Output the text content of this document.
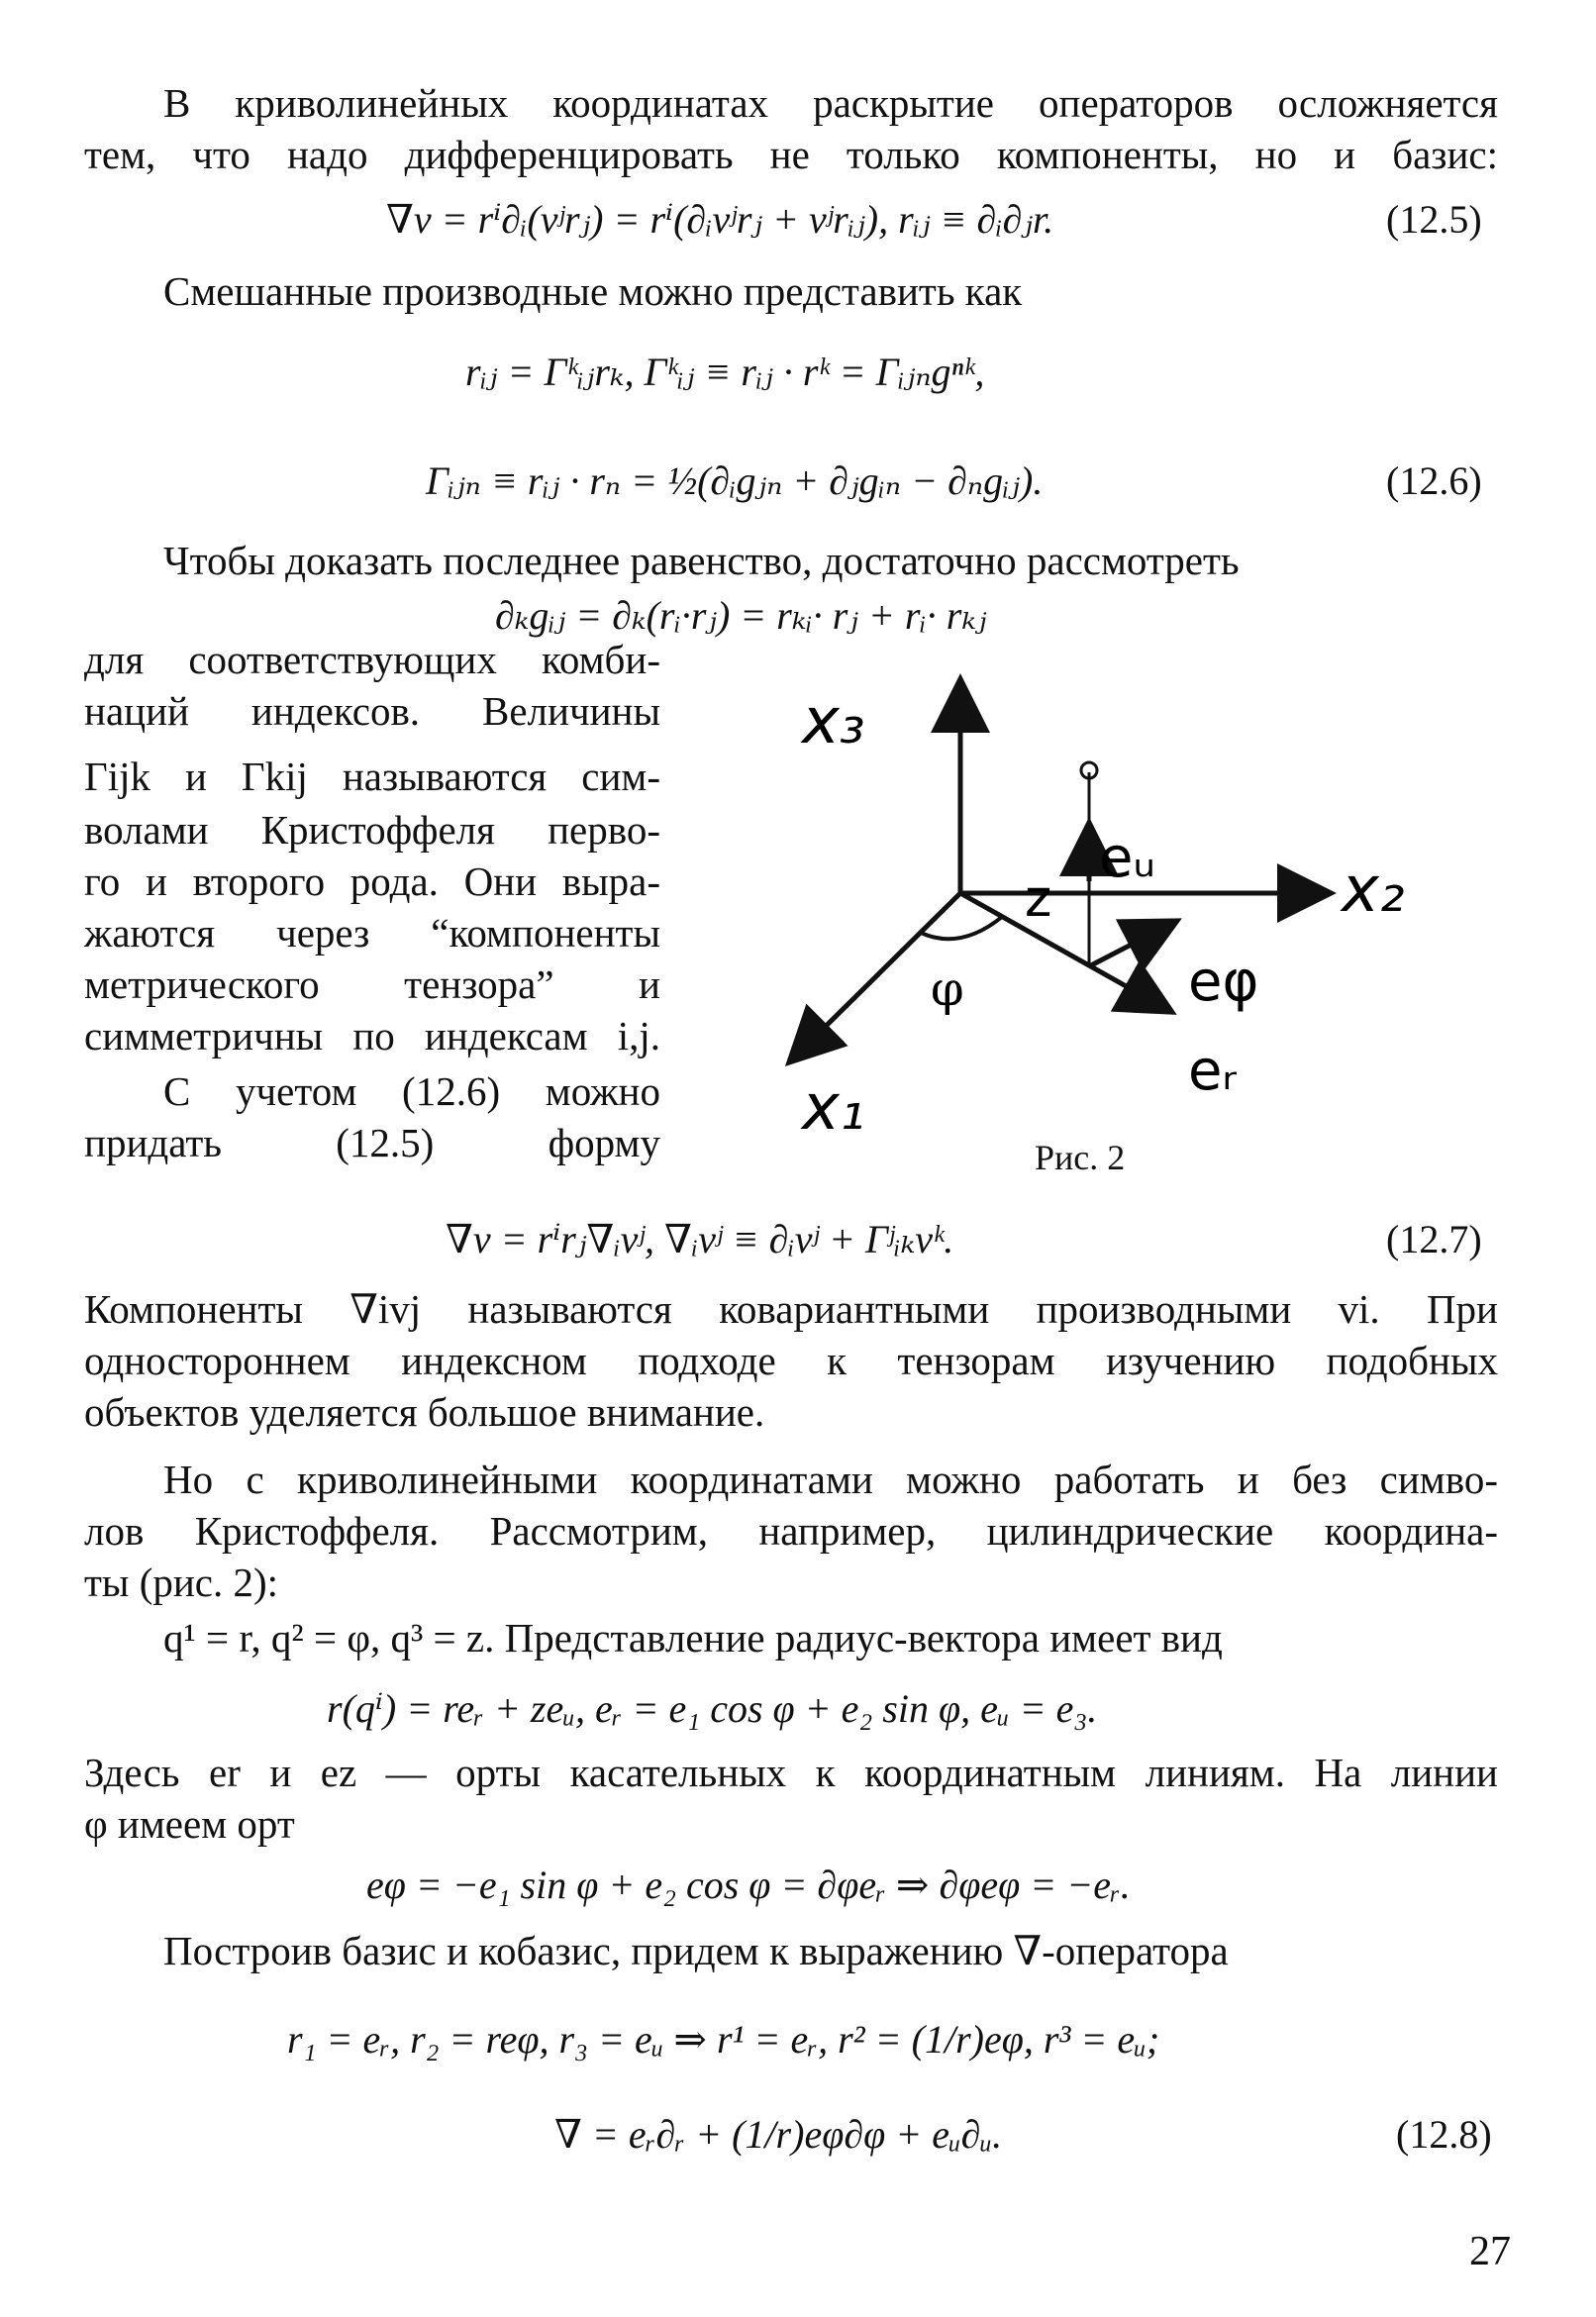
В криволинейных координатах раскрытие операторов осложняется
тем, что надо дифференцировать не только компоненты, но и базис:
∇v = rⁱ∂ᵢ(vʲrⱼ) = rⁱ(∂ᵢvʲrⱼ + vʲrᵢⱼ), rᵢⱼ ≡ ∂ᵢ∂ⱼr.	(12.5)
Смешанные производные можно представить как
rᵢⱼ = Γᵏᵢⱼrₖ, Γᵏᵢⱼ ≡ rᵢⱼ · rᵏ = Γᵢⱼₙgⁿᵏ,
Γᵢⱼₙ ≡ rᵢⱼ · rₙ = ½(∂ᵢgⱼₙ + ∂ⱼgᵢₙ − ∂ₙgᵢⱼ).	(12.6)
Чтобы доказать последнее равенство, достаточно рассмотреть
∂ₖgᵢⱼ = ∂ₖ(rᵢ·rⱼ) = rₖᵢ· rⱼ + rᵢ· rₖⱼ
для соответствующих комби-
наций индексов. Величины
Γijk и Γkij называются сим-
волами Кристоффеля перво-
го и второго рода. Они выра-
жаются через “компоненты
метрического тензора” и
симметричны по индексам i,j.
С учетом (12.6) можно
придать (12.5) форму
x₃
x₂
x₁
z
eᵤ
eφ
eᵣ
φ
Рис. 2
∇v = rⁱrⱼ∇ᵢvʲ, ∇ᵢvʲ ≡ ∂ᵢvʲ + Γʲᵢₖvᵏ.	(12.7)
Компоненты ∇ivj называются ковариантными производными vi. При
одностороннем индексном подходе к тензорам изучению подобных
объектов уделяется большое внимание.
Но с криволинейными координатами можно работать и без симво-
лов Кристоффеля. Рассмотрим, например, цилиндрические координа-
ты (рис. 2):
q¹ = r, q² = φ, q³ = z. Представление радиус-вектора имеет вид
r(qⁱ) = reᵣ + zeᵤ, eᵣ = e₁ cos φ + e₂ sin φ, eᵤ = e₃.
Здесь er и ez — орты касательных к координатным линиям. На линии
φ имеем орт
eφ = −e₁ sin φ + e₂ cos φ = ∂φeᵣ ⇒ ∂φeφ = −eᵣ.
Построив базис и кобазис, придем к выражению ∇-оператора
r₁ = eᵣ, r₂ = reφ, r₃ = eᵤ ⇒ r¹ = eᵣ, r² = (1/r)eφ, r³ = eᵤ;
∇ = eᵣ∂ᵣ + (1/r)eφ∂φ + eᵤ∂ᵤ.	(12.8)
27
